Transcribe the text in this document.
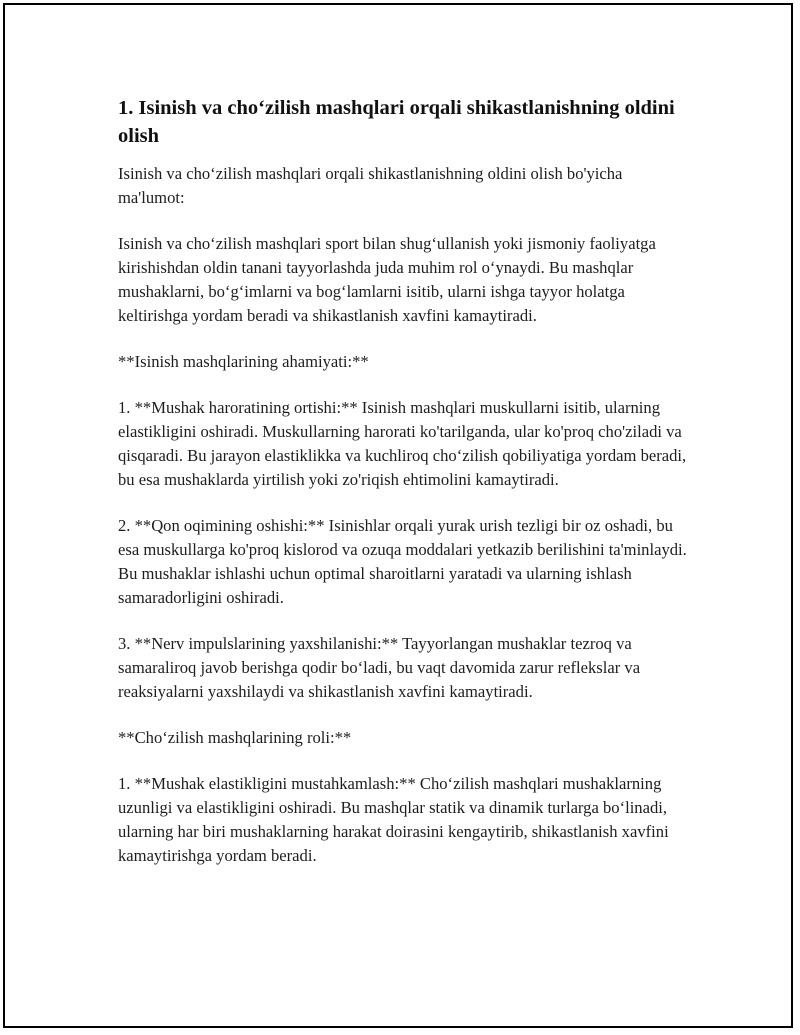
1. Isinish va cho‘zilish mashqlari orqali shikastlanishning oldini olish

Isinish va cho‘zilish mashqlari orqali shikastlanishning oldini olish bo'yicha ma'lumot:

Isinish va cho‘zilish mashqlari sport bilan shug‘ullanish yoki jismoniy faoliyatga kirishishdan oldin tanani tayyorlashda juda muhim rol o‘ynaydi. Bu mashqlar mushaklarni, bo‘g‘imlarni va bog‘lamlarni isitib, ularni ishga tayyor holatga keltirishga yordam beradi va shikastlanish xavfini kamaytiradi.

**Isinish mashqlarining ahamiyati:**

1. **Mushak haroratining ortishi:** Isinish mashqlari muskullarni isitib, ularning elastikligini oshiradi. Muskullarning harorati ko'tarilganda, ular ko'proq cho'ziladi va qisqaradi. Bu jarayon elastiklikka va kuchliroq cho‘zilish qobiliyatiga yordam beradi, bu esa mushaklarda yirtilish yoki zo'riqish ehtimolini kamaytiradi.

2. **Qon oqimining oshishi:** Isinishlar orqali yurak urish tezligi bir oz oshadi, bu esa muskullarga ko'proq kislorod va ozuqa moddalari yetkazib berilishini ta'minlaydi. Bu mushaklar ishlashi uchun optimal sharoitlarni yaratadi va ularning ishlash samaradorligini oshiradi.

3. **Nerv impulslarining yaxshilanishi:** Tayyorlangan mushaklar tezroq va samaraliroq javob berishga qodir bo‘ladi, bu vaqt davomida zarur reflekslar va reaksiyalarni yaxshilaydi va shikastlanish xavfini kamaytiradi.

**Cho‘zilish mashqlarining roli:**

1. **Mushak elastikligini mustahkamlash:** Cho‘zilish mashqlari mushaklarning uzunligi va elastikligini oshiradi. Bu mashqlar statik va dinamik turlarga bo‘linadi, ularning har biri mushaklarning harakat doirasini kengaytirib, shikastlanish xavfini kamaytirishga yordam beradi.
